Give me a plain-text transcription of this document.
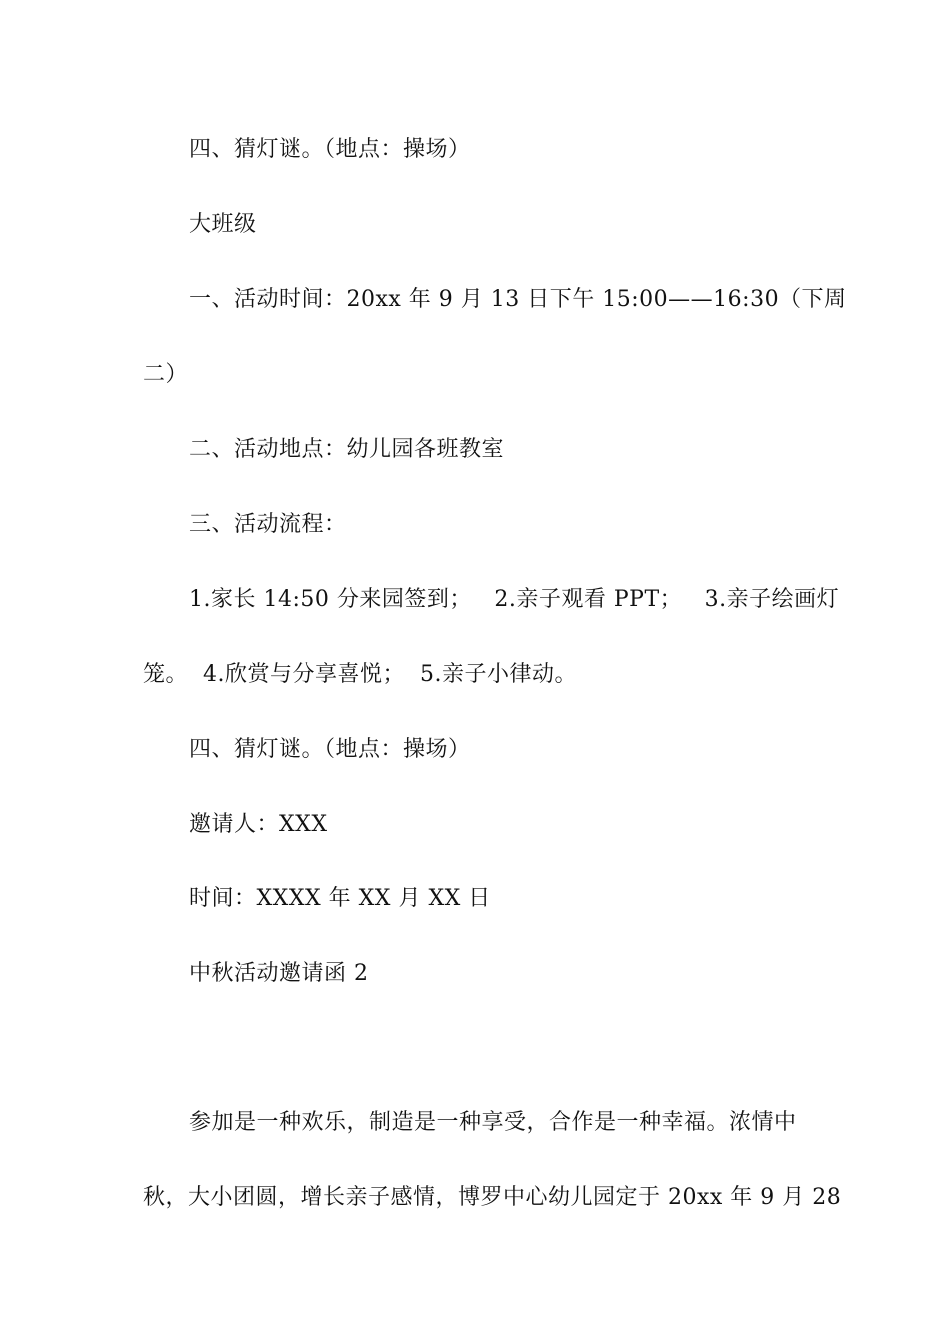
四、猜灯谜。（地点：操场）
大班级
一、活动时间：20xx 年 9 月 13 日下午 15:00——16:30（下周
二）
二、活动地点：幼儿园各班教室
三、活动流程：
1.家长 14:50 分来园签到；   2.亲子观看 PPT；   3.亲子绘画灯
笼。  4.欣赏与分享喜悦；  5.亲子小律动。
四、猜灯谜。（地点：操场）
邀请人：XXX
时间：XXXX 年 XX 月 XX 日
中秋活动邀请函 2
参加是一种欢乐，制造是一种享受，合作是一种幸福。浓情中
秋，大小团圆，增长亲子感情，博罗中心幼儿园定于 20xx 年 9 月 28
